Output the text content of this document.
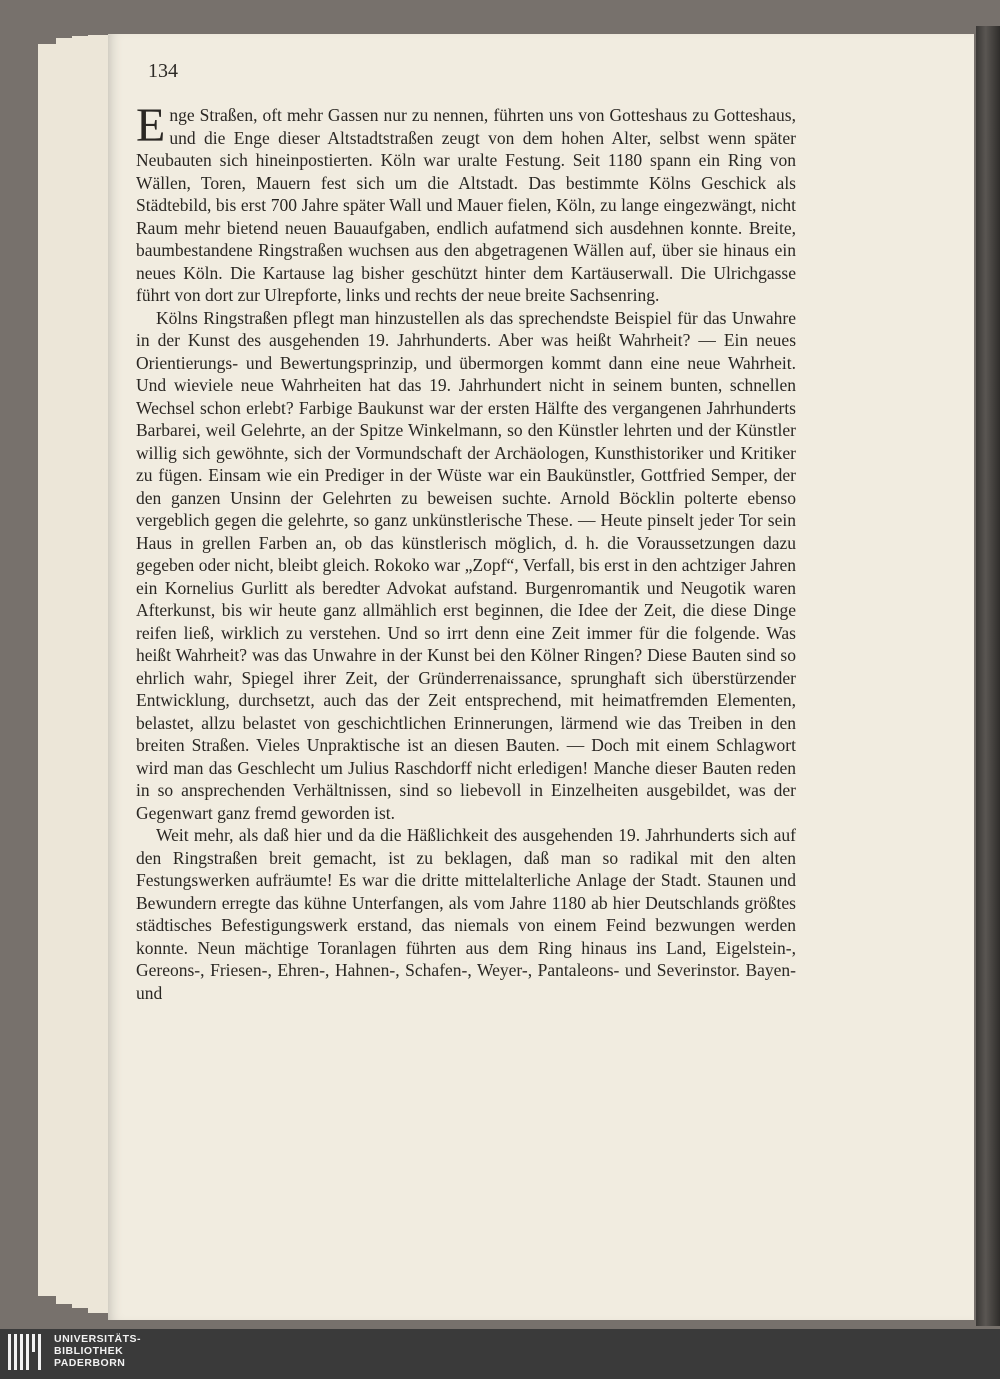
134

Enge Straßen, oft mehr Gassen nur zu nennen, führten uns von Gotteshaus zu Gotteshaus, und die Enge dieser Altstadtstraßen zeugt von dem hohen Alter, selbst wenn später Neubauten sich hineinpostierten. Köln war uralte Festung. Seit 1180 spann ein Ring von Wällen, Toren, Mauern fest sich um die Altstadt. Das bestimmte Kölns Geschick als Städtebild, bis erst 700 Jahre später Wall und Mauer fielen, Köln, zu lange eingezwängt, nicht Raum mehr bietend neuen Bauaufgaben, endlich aufatmend sich ausdehnen konnte. Breite, baumbestandene Ringstraßen wuchsen aus den abgetragenen Wällen auf, über sie hinaus ein neues Köln. Die Kartause lag bisher geschützt hinter dem Kartäuserwall. Die Ulrichgasse führt von dort zur Ulrepforte, links und rechts der neue breite Sachsenring.

Kölns Ringstraßen pflegt man hinzustellen als das sprechendste Beispiel für das Unwahre in der Kunst des ausgehenden 19. Jahrhunderts. Aber was heißt Wahrheit? — Ein neues Orientierungs- und Bewertungsprinzip, und übermorgen kommt dann eine neue Wahrheit. Und wieviele neue Wahrheiten hat das 19. Jahrhundert nicht in seinem bunten, schnellen Wechsel schon erlebt? Farbige Baukunst war der ersten Hälfte des vergangenen Jahrhunderts Barbarei, weil Gelehrte, an der Spitze Winkelmann, so den Künstler lehrten und der Künstler willig sich gewöhnte, sich der Vormundschaft der Archäologen, Kunsthistoriker und Kritiker zu fügen. Einsam wie ein Prediger in der Wüste war ein Baukünstler, Gottfried Semper, der den ganzen Unsinn der Gelehrten zu beweisen suchte. Arnold Böcklin polterte ebenso vergeblich gegen die gelehrte, so ganz unkünstlerische These. — Heute pinselt jeder Tor sein Haus in grellen Farben an, ob das künstlerisch möglich, d. h. die Voraussetzungen dazu gegeben oder nicht, bleibt gleich. Rokoko war „Zopf“, Verfall, bis erst in den achtziger Jahren ein Kornelius Gurlitt als beredter Advokat aufstand. Burgenromantik und Neugotik waren Afterkunst, bis wir heute ganz allmählich erst beginnen, die Idee der Zeit, die diese Dinge reifen ließ, wirklich zu verstehen. Und so irrt denn eine Zeit immer für die folgende. Was heißt Wahrheit? was das Unwahre in der Kunst bei den Kölner Ringen? Diese Bauten sind so ehrlich wahr, Spiegel ihrer Zeit, der Gründerrenaissance, sprunghaft sich überstürzender Entwicklung, durchsetzt, auch das der Zeit entsprechend, mit heimatfremden Elementen, belastet, allzu belastet von geschichtlichen Erinnerungen, lärmend wie das Treiben in den breiten Straßen. Vieles Unpraktische ist an diesen Bauten. — Doch mit einem Schlagwort wird man das Geschlecht um Julius Raschdorff nicht erledigen! Manche dieser Bauten reden in so ansprechenden Verhältnissen, sind so liebevoll in Einzelheiten ausgebildet, was der Gegenwart ganz fremd geworden ist.

Weit mehr, als daß hier und da die Häßlichkeit des ausgehenden 19. Jahrhunderts sich auf den Ringstraßen breit gemacht, ist zu beklagen, daß man so radikal mit den alten Festungswerken aufräumte! Es war die dritte mittelalterliche Anlage der Stadt. Staunen und Bewundern erregte das kühne Unterfangen, als vom Jahre 1180 ab hier Deutschlands größtes städtisches Befestigungswerk erstand, das niemals von einem Feind bezwungen werden konnte. Neun mächtige Toranlagen führten aus dem Ring hinaus ins Land, Eigelstein-, Gereons-, Friesen-, Ehren-, Hahnen-, Schafen-, Weyer-, Pantaleons- und Severinstor. Bayen- und

UNIVERSITÄTS-
BIBLIOTHEK
PADERBORN
